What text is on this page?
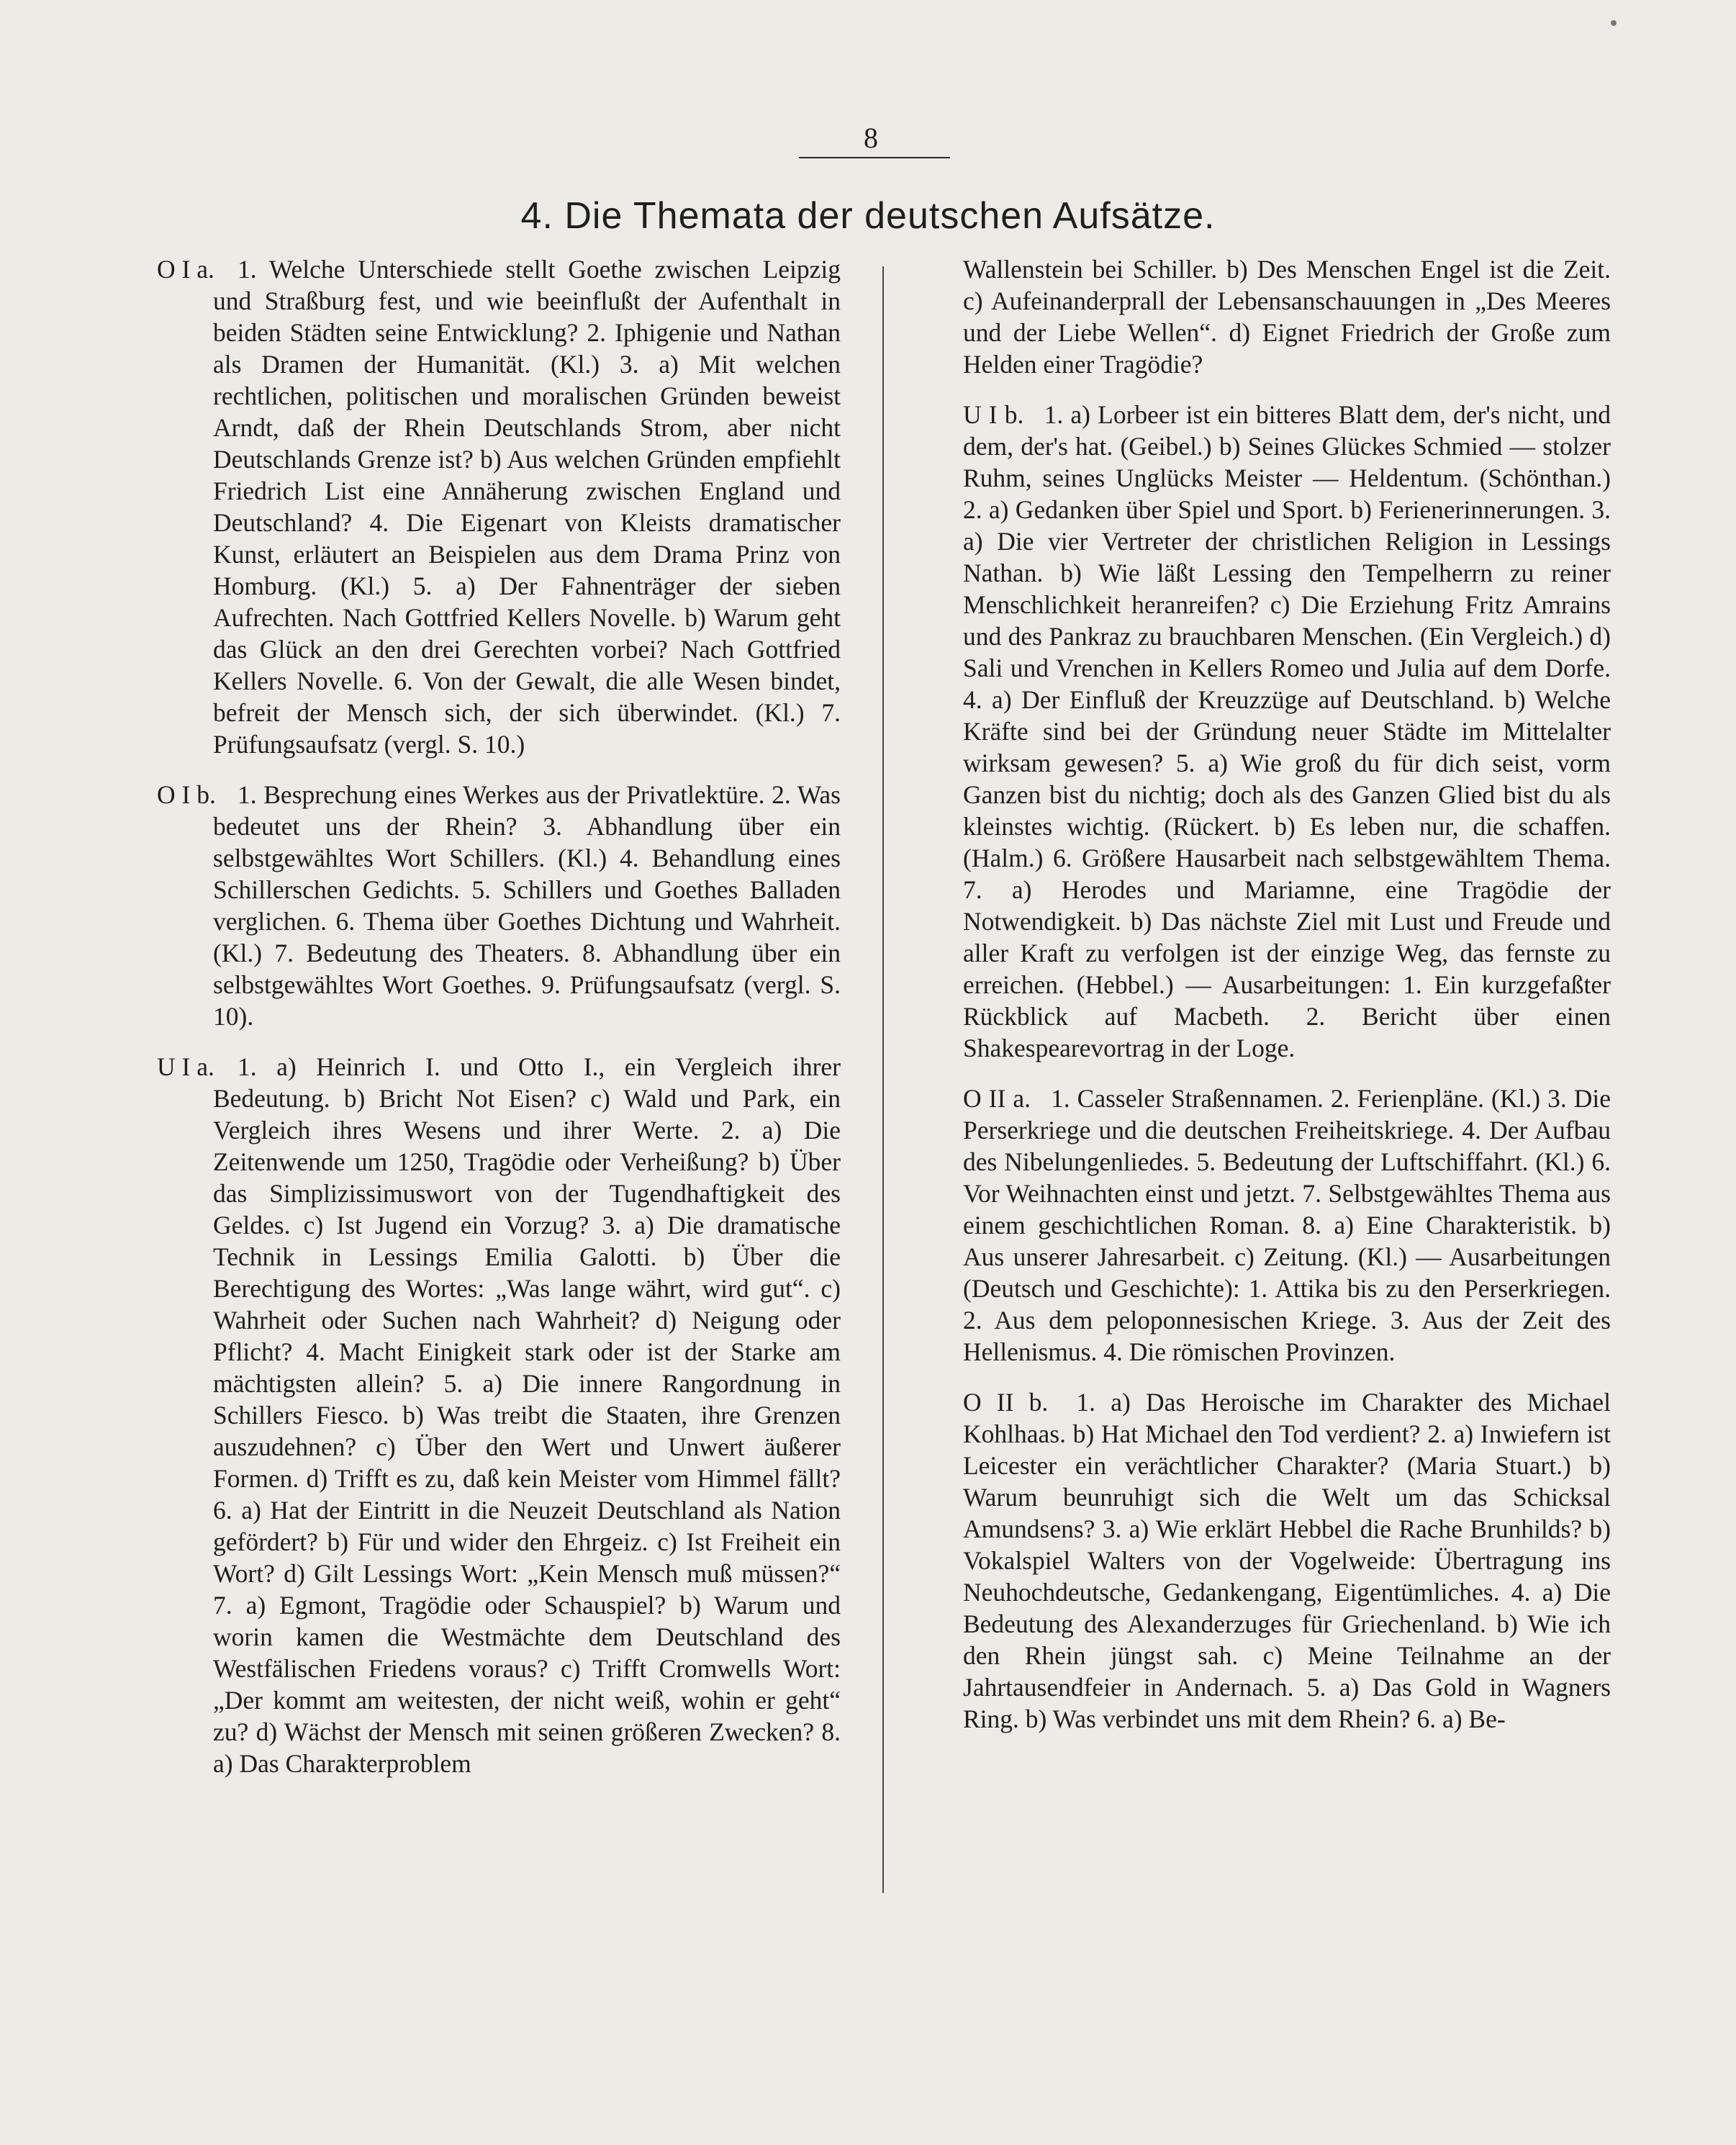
8
4. Die Themata der deutschen Aufsätze.
O I a. 1. Welche Unterschiede stellt Goethe zwischen Leipzig und Straßburg fest, und wie beeinflußt der Aufenthalt in beiden Städten seine Entwicklung? 2. Iphigenie und Nathan als Dramen der Humanität. (Kl.) 3. a) Mit welchen rechtlichen, politischen und moralischen Gründen beweist Arndt, daß der Rhein Deutschlands Strom, aber nicht Deutschlands Grenze ist? b) Aus welchen Gründen empfiehlt Friedrich List eine Annäherung zwischen England und Deutschland? 4. Die Eigenart von Kleists dramatischer Kunst, erläutert an Beispielen aus dem Drama Prinz von Homburg. (Kl.) 5. a) Der Fahnenträger der sieben Aufrechten. Nach Gottfried Kellers Novelle. b) Warum geht das Glück an den drei Gerechten vorbei? Nach Gottfried Kellers Novelle. 6. Von der Gewalt, die alle Wesen bindet, befreit der Mensch sich, der sich überwindet. (Kl.) 7. Prüfungsaufsatz (vergl. S. 10.)
O I b. 1. Besprechung eines Werkes aus der Privatlektüre. 2. Was bedeutet uns der Rhein? 3. Abhandlung über ein selbstgewähltes Wort Schillers. (Kl.) 4. Behandlung eines Schillerschen Gedichts. 5. Schillers und Goethes Balladen verglichen. 6. Thema über Goethes Dichtung und Wahrheit. (Kl.) 7. Bedeutung des Theaters. 8. Abhandlung über ein selbstgewähltes Wort Goethes. 9. Prüfungsaufsatz (vergl. S. 10).
U I a. 1. a) Heinrich I. und Otto I., ein Vergleich ihrer Bedeutung. b) Bricht Not Eisen? c) Wald und Park, ein Vergleich ihres Wesens und ihrer Werte. 2. a) Die Zeitenwende um 1250, Tragödie oder Verheißung? b) Über das Simplizissimuswort von der Tugendhaftigkeit des Geldes. c) Ist Jugend ein Vorzug? 3. a) Die dramatische Technik in Lessings Emilia Galotti. b) Über die Berechtigung des Wortes: „Was lange währt, wird gut“. c) Wahrheit oder Suchen nach Wahrheit? d) Neigung oder Pflicht? 4. Macht Einigkeit stark oder ist der Starke am mächtigsten allein? 5. a) Die innere Rangordnung in Schillers Fiesco. b) Was treibt die Staaten, ihre Grenzen auszudehnen? c) Über den Wert und Unwert äußerer Formen. d) Trifft es zu, daß kein Meister vom Himmel fällt? 6. a) Hat der Eintritt in die Neuzeit Deutschland als Nation gefördert? b) Für und wider den Ehrgeiz. c) Ist Freiheit ein Wort? d) Gilt Lessings Wort: „Kein Mensch muß müssen?“ 7. a) Egmont, Tragödie oder Schauspiel? b) Warum und worin kamen die Westmächte dem Deutschland des Westfälischen Friedens voraus? c) Trifft Cromwells Wort: „Der kommt am weitesten, der nicht weiß, wohin er geht“ zu? d) Wächst der Mensch mit seinen größeren Zwecken? 8. a) Das Charakterproblem
Wallenstein bei Schiller. b) Des Menschen Engel ist die Zeit. c) Aufeinanderprall der Lebensanschauungen in „Des Meeres und der Liebe Wellen“. d) Eignet Friedrich der Große zum Helden einer Tragödie?
U I b. 1. a) Lorbeer ist ein bitteres Blatt dem, der's nicht, und dem, der's hat. (Geibel.) b) Seines Glückes Schmied — stolzer Ruhm, seines Unglücks Meister — Heldentum. (Schönthan.) 2. a) Gedanken über Spiel und Sport. b) Ferienerinnerungen. 3. a) Die vier Vertreter der christlichen Religion in Lessings Nathan. b) Wie läßt Lessing den Tempelherrn zu reiner Menschlichkeit heranreifen? c) Die Erziehung Fritz Amrains und des Pankraz zu brauchbaren Menschen. (Ein Vergleich.) d) Sali und Vrenchen in Kellers Romeo und Julia auf dem Dorfe. 4. a) Der Einfluß der Kreuzzüge auf Deutschland. b) Welche Kräfte sind bei der Gründung neuer Städte im Mittelalter wirksam gewesen? 5. a) Wie groß du für dich seist, vorm Ganzen bist du nichtig; doch als des Ganzen Glied bist du als kleinstes wichtig. (Rückert. b) Es leben nur, die schaffen. (Halm.) 6. Größere Hausarbeit nach selbstgewähltem Thema. 7. a) Herodes und Mariamne, eine Tragödie der Notwendigkeit. b) Das nächste Ziel mit Lust und Freude und aller Kraft zu verfolgen ist der einzige Weg, das fernste zu erreichen. (Hebbel.) — Ausarbeitungen: 1. Ein kurzgefaßter Rückblick auf Macbeth. 2. Bericht über einen Shakespearevortrag in der Loge.
O II a. 1. Casseler Straßennamen. 2. Ferienpläne. (Kl.) 3. Die Perserkriege und die deutschen Freiheitskriege. 4. Der Aufbau des Nibelungenliedes. 5. Bedeutung der Luftschiffahrt. (Kl.) 6. Vor Weihnachten einst und jetzt. 7. Selbstgewähltes Thema aus einem geschichtlichen Roman. 8. a) Eine Charakteristik. b) Aus unserer Jahresarbeit. c) Zeitung. (Kl.) — Ausarbeitungen (Deutsch und Geschichte): 1. Attika bis zu den Perserkriegen. 2. Aus dem peloponnesischen Kriege. 3. Aus der Zeit des Hellenismus. 4. Die römischen Provinzen.
O II b. 1. a) Das Heroische im Charakter des Michael Kohlhaas. b) Hat Michael den Tod verdient? 2. a) Inwiefern ist Leicester ein verächtlicher Charakter? (Maria Stuart.) b) Warum beunruhigt sich die Welt um das Schicksal Amundsens? 3. a) Wie erklärt Hebbel die Rache Brunhilds? b) Vokalspiel Walters von der Vogelweide: Übertragung ins Neuhochdeutsche, Gedankengang, Eigentümliches. 4. a) Die Bedeutung des Alexanderzuges für Griechenland. b) Wie ich den Rhein jüngst sah. c) Meine Teilnahme an der Jahrtausendfeier in Andernach. 5. a) Das Gold in Wagners Ring. b) Was verbindet uns mit dem Rhein? 6. a) Be-
